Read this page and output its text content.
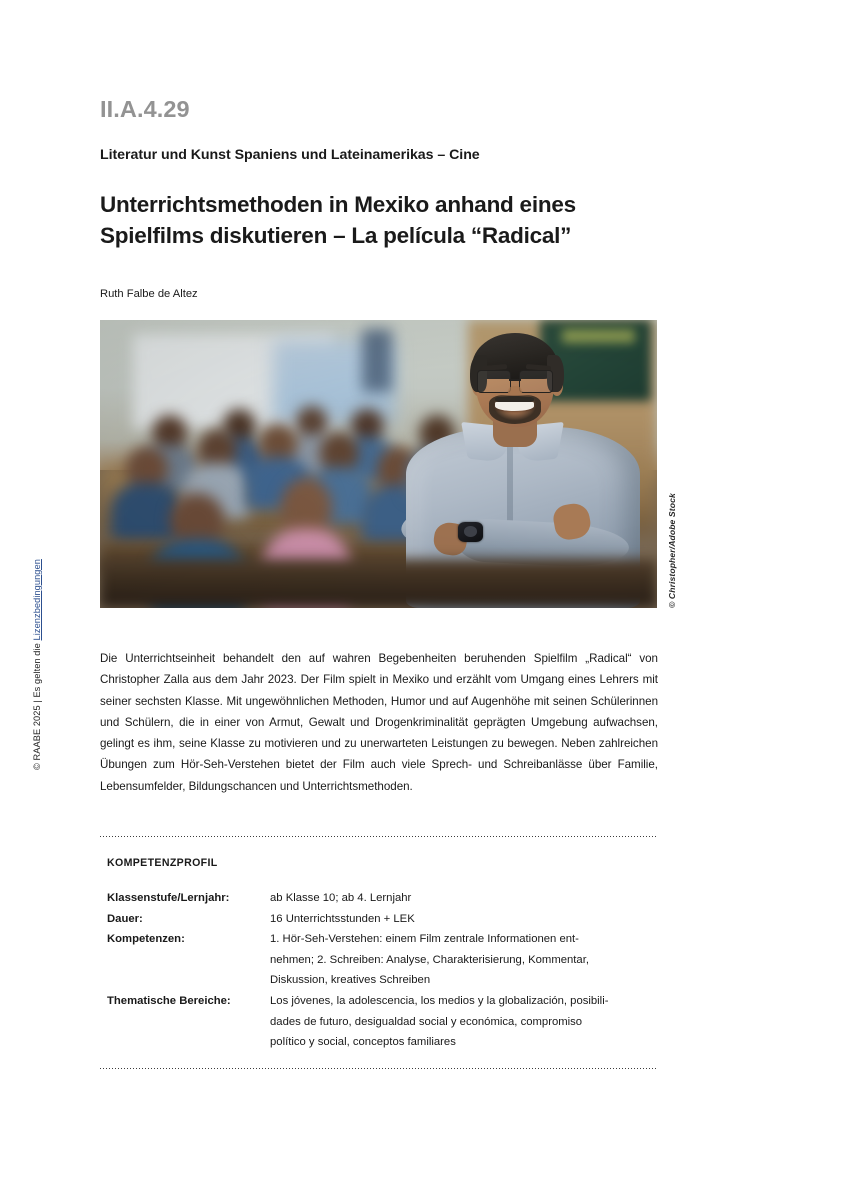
© RAABE 2025 | Es gelten die Lizenzbedingungen
II.A.4.29
Literatur und Kunst Spaniens und Lateinamerikas – Cine
Unterrichtsmethoden in Mexiko anhand eines
Spielfilms diskutieren – La película “Radical”
Ruth Falbe de Altez
© Christopher/Adobe Stock
Die Unterrichtseinheit behandelt den auf wahren Begebenheiten beruhenden Spielfilm „Radical“ von Christopher Zalla aus dem Jahr 2023. Der Film spielt in Mexiko und erzählt vom Umgang eines Lehrers mit seiner sechsten Klasse. Mit ungewöhnlichen Methoden, Humor und auf Augenhöhe mit seinen Schülerinnen und Schülern, die in einer von Armut, Gewalt und Drogenkriminalität geprägten Umgebung aufwachsen, gelingt es ihm, seine Klasse zu motivieren und zu unerwarteten Leistungen zu bewegen. Neben zahlreichen Übungen zum Hör-Seh-Verstehen bietet der Film auch viele Sprech- und Schreibanlässe über Familie, Lebensumfelder, Bildungschancen und Unterrichtsmethoden.
KOMPETENZPROFIL
Klassenstufe/Lernjahr:	ab Klasse 10; ab 4. Lernjahr

Dauer:	16 Unterrichtsstunden + LEK

Kompetenzen:	1. Hör-Seh-Verstehen: einem Film zentrale Informationen ent-
nehmen; 2. Schreiben: Analyse, Charakterisierung, Kommentar,
Diskussion, kreatives Schreiben

Thematische Bereiche:	Los jóvenes, la adolescencia, los medios y la globalización, posibili-
dades de futuro, desigualdad social y económica, compromiso
político y social, conceptos familiares
